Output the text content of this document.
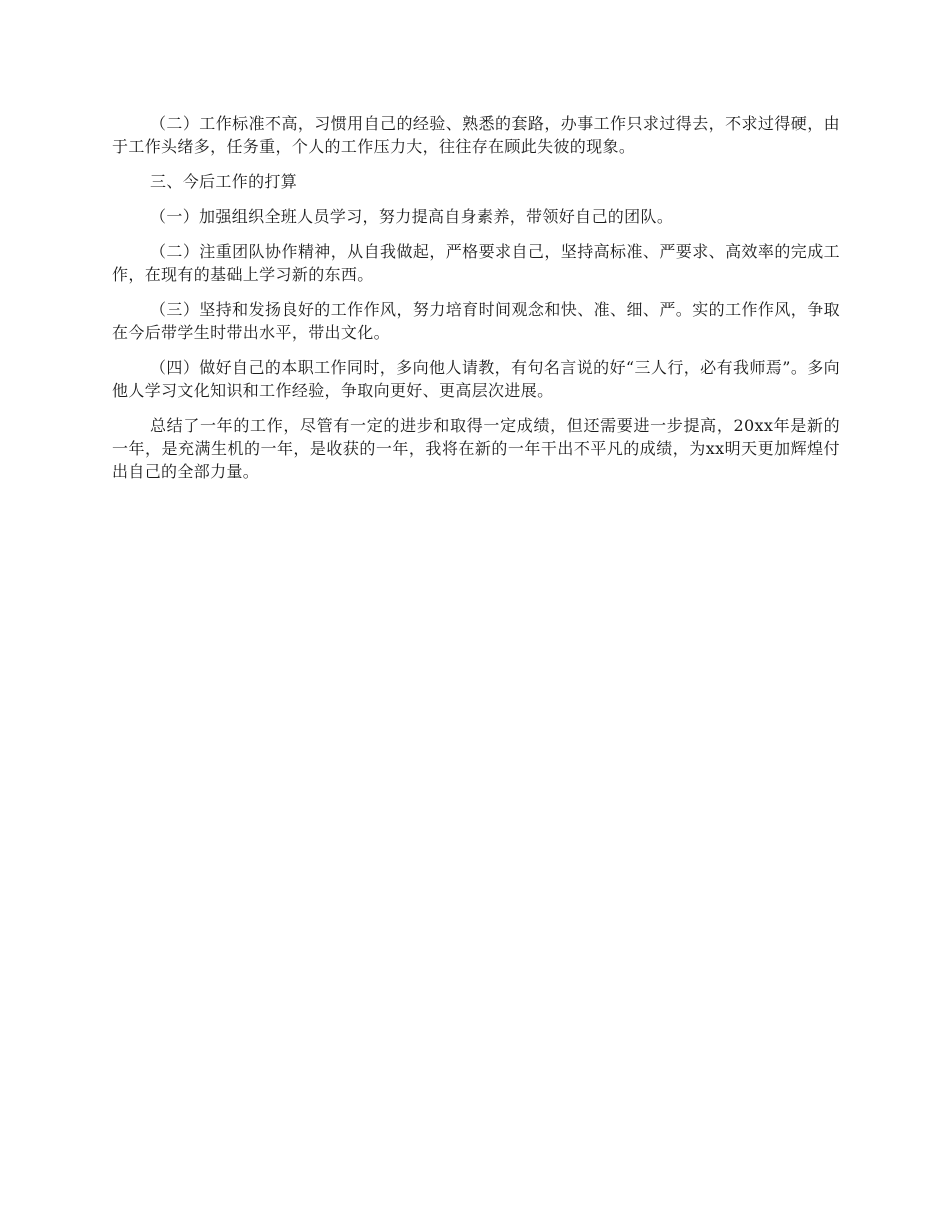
（二）工作标准不高，习惯用自己的经验、熟悉的套路，办事工作只求过得去，不求过得硬，由于工作头绪多，任务重，个人的工作压力大，往往存在顾此失彼的现象。

三、今后工作的打算

（一）加强组织全班人员学习，努力提高自身素养，带领好自己的团队。

（二）注重团队协作精神，从自我做起，严格要求自己，坚持高标准、严要求、高效率的完成工作，在现有的基础上学习新的东西。

（三）坚持和发扬良好的工作作风，努力培育时间观念和快、准、细、严。实的工作作风，争取在今后带学生时带出水平，带出文化。

（四）做好自己的本职工作同时，多向他人请教，有句名言说的好“三人行，必有我师焉”。多向他人学习文化知识和工作经验，争取向更好、更高层次进展。

总结了一年的工作，尽管有一定的进步和取得一定成绩，但还需要进一步提高，20xx年是新的一年，是充满生机的一年，是收获的一年，我将在新的一年干出不平凡的成绩，为xx明天更加辉煌付出自己的全部力量。
